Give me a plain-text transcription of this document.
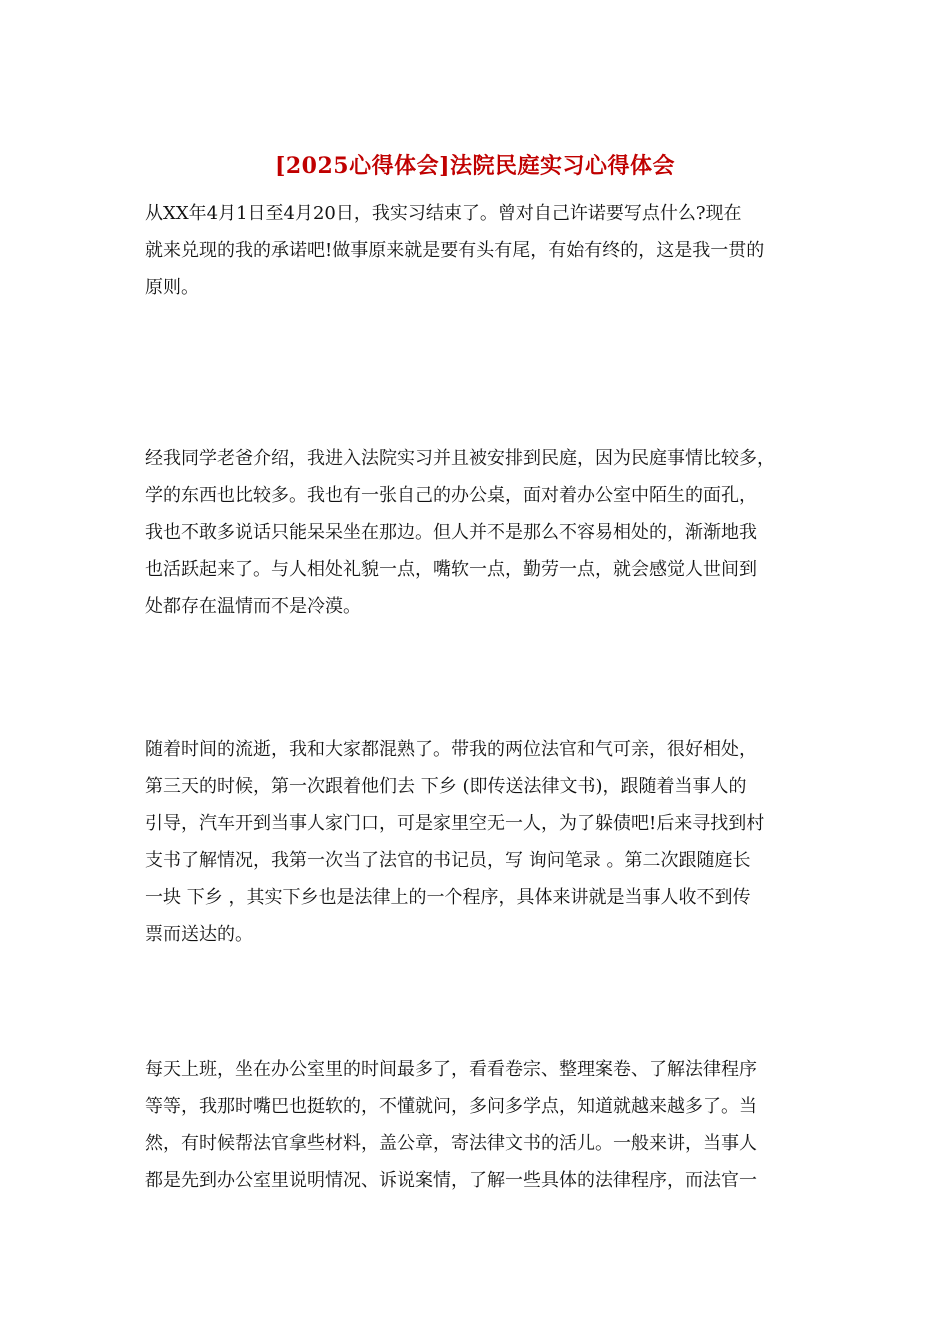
[2025心得体会]法院民庭实习心得体会
从XX年4月1日至4月20日，我实习结束了。曾对自己许诺要写点什么?现在
就来兑现的我的承诺吧!做事原来就是要有头有尾，有始有终的，这是我一贯的
原则。
经我同学老爸介绍，我进入法院实习并且被安排到民庭，因为民庭事情比较多，
学的东西也比较多。我也有一张自己的办公桌，面对着办公室中陌生的面孔，
我也不敢多说话只能呆呆坐在那边。但人并不是那么不容易相处的，渐渐地我
也活跃起来了。与人相处礼貌一点，嘴软一点，勤劳一点，就会感觉人世间到
处都存在温情而不是冷漠。
随着时间的流逝，我和大家都混熟了。带我的两位法官和气可亲，很好相处，
第三天的时候，第一次跟着他们去 下乡 (即传送法律文书)，跟随着当事人的
引导，汽车开到当事人家门口，可是家里空无一人，为了躲债吧!后来寻找到村
支书了解情况，我第一次当了法官的书记员，写 询问笔录 。第二次跟随庭长
一块 下乡 ，其实下乡也是法律上的一个程序，具体来讲就是当事人收不到传
票而送达的。
每天上班，坐在办公室里的时间最多了，看看卷宗、整理案卷、了解法律程序
等等，我那时嘴巴也挺软的，不懂就问，多问多学点，知道就越来越多了。当
然，有时候帮法官拿些材料，盖公章，寄法律文书的活儿。一般来讲，当事人
都是先到办公室里说明情况、诉说案情，了解一些具体的法律程序，而法官一
